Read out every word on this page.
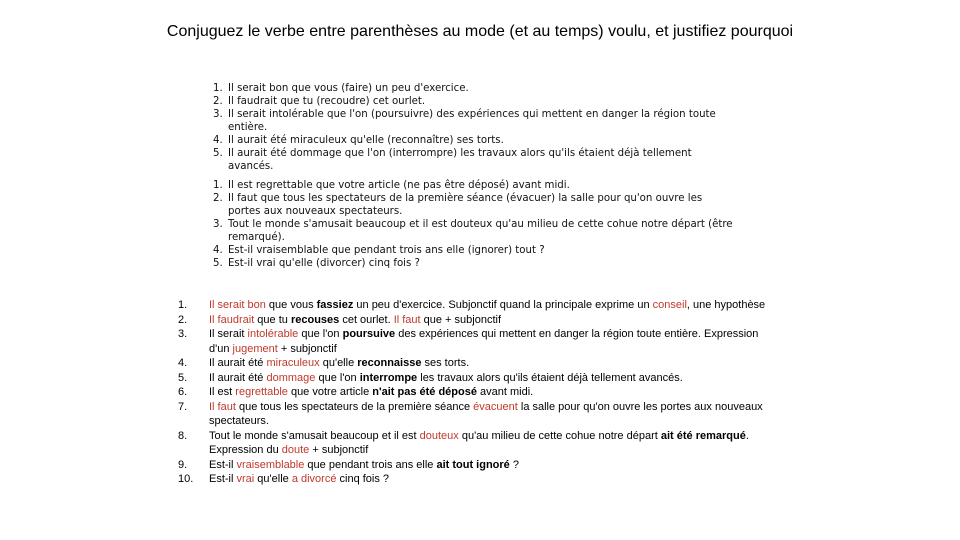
Conjuguez le verbe entre parenthèses au mode (et au temps) voulu, et justifiez pourquoi
1. Il serait bon que vous (faire) un peu d'exercice.
2. Il faudrait que tu (recoudre) cet ourlet.
3. Il serait intolérable que l'on (poursuivre) des expériences qui mettent en danger la région toute entière.
4. Il aurait été miraculeux qu'elle (reconnaître) ses torts.
5. Il aurait été dommage que l'on (interrompre) les travaux alors qu'ils étaient déjà tellement avancés.
1. Il est regrettable que votre article (ne pas être déposé) avant midi.
2. Il faut que tous les spectateurs de la première séance (évacuer) la salle pour qu'on ouvre les portes aux nouveaux spectateurs.
3. Tout le monde s'amusait beaucoup et il est douteux qu'au milieu de cette cohue notre départ (être remarqué).
4. Est-il vraisemblable que pendant trois ans elle (ignorer) tout ?
5. Est-il vrai qu'elle (divorcer) cinq fois ?
1.	Il serait bon que vous fassiez un peu d'exercice. Subjonctif quand la principale exprime un conseil, une hypothèse
2.	Il faudrait que tu recouses cet ourlet. Il faut que + subjonctif
3.	Il serait intolérable que l'on poursuive des expériences qui mettent en danger la région toute entière. Expression d'un jugement + subjonctif
4.	Il aurait été miraculeux qu'elle reconnaisse ses torts.
5.	Il aurait été dommage que l'on interrompe les travaux alors qu'ils étaient déjà tellement avancés.
6.	Il est regrettable que votre article n'ait pas été déposé avant midi.
7.	Il faut que tous les spectateurs de la première séance évacuent la salle pour qu'on ouvre les portes aux nouveaux spectateurs.
8.	Tout le monde s'amusait beaucoup et il est douteux qu'au milieu de cette cohue notre départ ait été remarqué. Expression du doute + subjonctif
9.	Est-il vraisemblable que pendant trois ans elle ait tout ignoré ?
10.	Est-il vrai qu'elle a divorcé cinq fois ?
